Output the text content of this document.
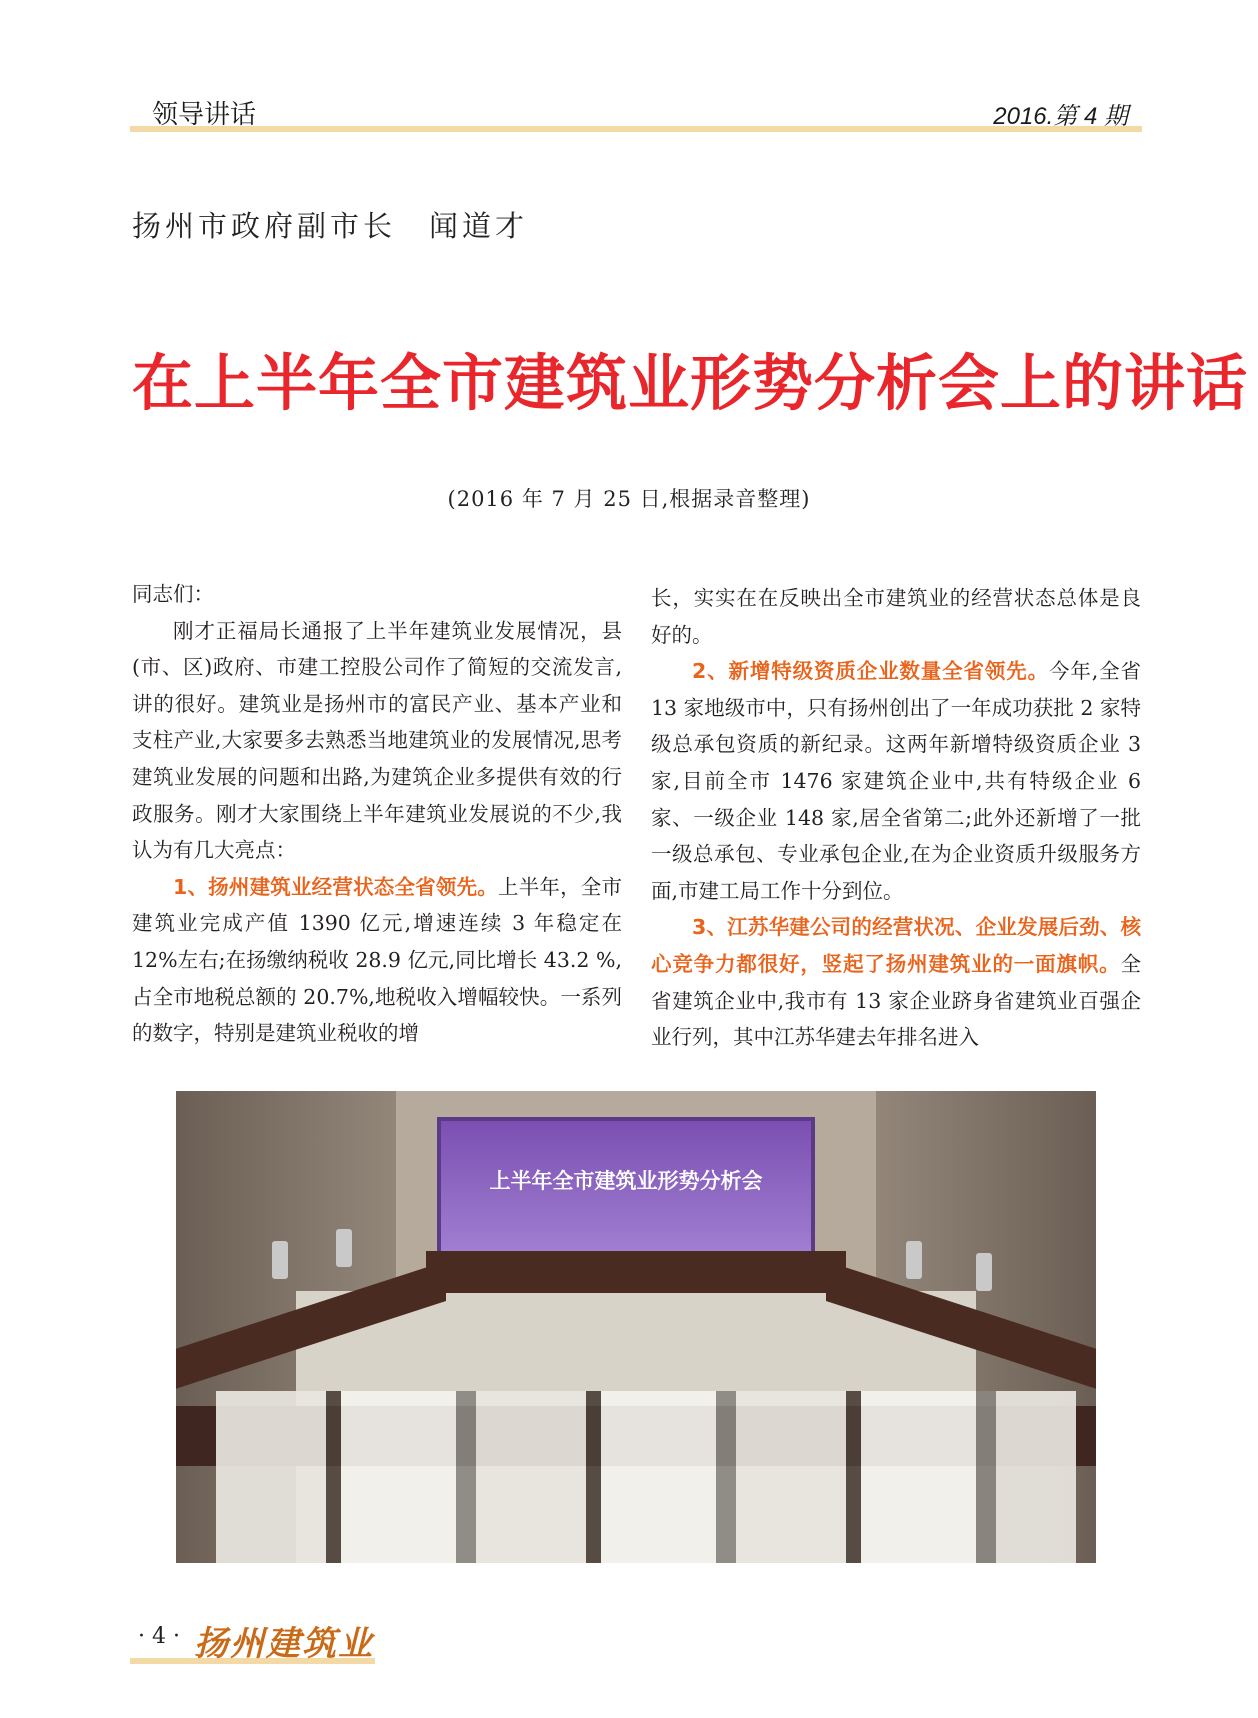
领导讲话	2016.第 4 期
扬州市政府副市长　闻道才
在上半年全市建筑业形势分析会上的讲话
(2016 年 7 月 25 日,根据录音整理)

同志们：

刚才正福局长通报了上半年建筑业发展情况，县(市、区)政府、市建工控股公司作了简短的交流发言,讲的很好。建筑业是扬州市的富民产业、基本产业和支柱产业,大家要多去熟悉当地建筑业的发展情况,思考建筑业发展的问题和出路,为建筑企业多提供有效的行政服务。刚才大家围绕上半年建筑业发展说的不少,我认为有几大亮点：

1、扬州建筑业经营状态全省领先。上半年，全市建筑业完成产值 1390 亿元,增速连续 3 年稳定在 12%左右;在扬缴纳税收 28.9 亿元,同比增长 43.2 %,占全市地税总额的 20.7%,地税收入增幅较快。一系列的数字，特别是建筑业税收的增

长，实实在在反映出全市建筑业的经营状态总体是良好的。

2、新增特级资质企业数量全省领先。今年,全省 13 家地级市中，只有扬州创出了一年成功获批 2 家特级总承包资质的新纪录。这两年新增特级资质企业 3 家,目前全市 1476 家建筑企业中,共有特级企业 6 家、一级企业 148 家,居全省第二;此外还新增了一批一级总承包、专业承包企业,在为企业资质升级服务方面,市建工局工作十分到位。

3、江苏华建公司的经营状况、企业发展后劲、核心竞争力都很好，竖起了扬州建筑业的一面旗帜。全省建筑企业中,我市有 13 家企业跻身省建筑业百强企业行列，其中江苏华建去年排名进入

上半年全市建筑业形势分析会
· 4 · 扬州建筑业
